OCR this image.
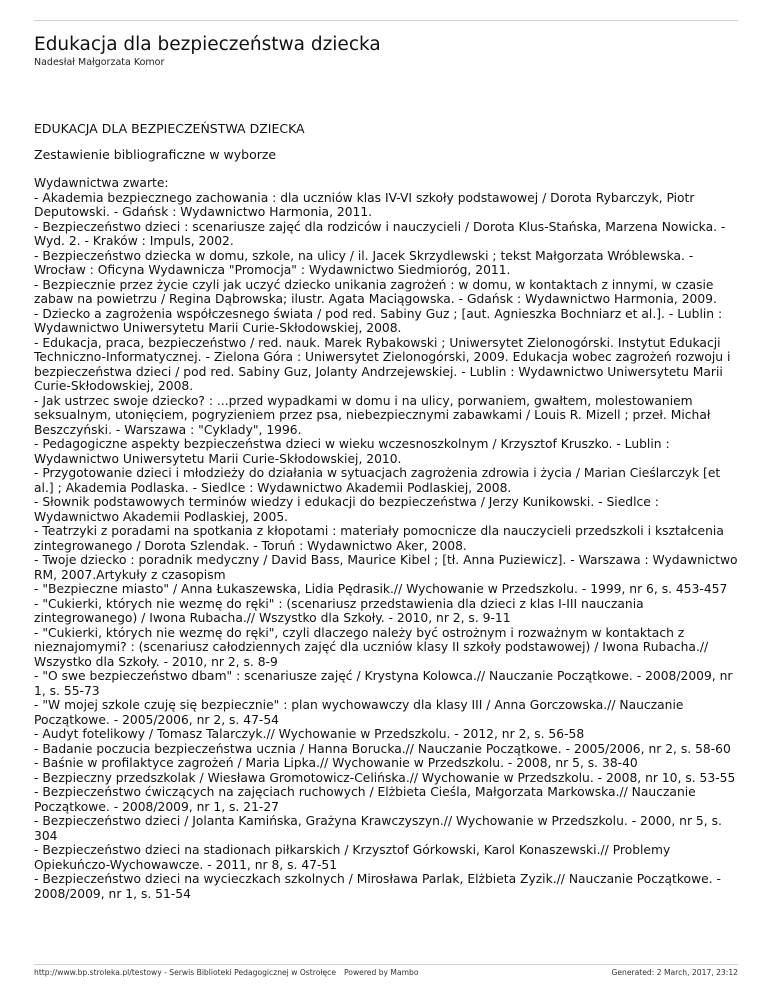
Edukacja dla bezpieczeństwa dziecka
Nadesłał Małgorzata Komor
EDUKACJA DLA BEZPIECZEŃSTWA DZIECKA
Zestawienie bibliograficzne w wyborze
Wydawnictwa zwarte:
- Akademia bezpiecznego zachowania : dla uczniów klas IV-VI szkoły podstawowej / Dorota Rybarczyk, Piotr Deputowski. - Gdańsk : Wydawnictwo Harmonia, 2011.
- Bezpieczeństwo dzieci : scenariusze zajęć dla rodziców i nauczycieli / Dorota Klus-Stańska, Marzena Nowicka. - Wyd. 2. - Kraków : Impuls, 2002.
- Bezpieczeństwo dziecka w domu, szkole, na ulicy / il. Jacek Skrzydlewski ; tekst Małgorzata Wróblewska. - Wrocław : Oficyna Wydawnicza "Promocja" : Wydawnictwo Siedmioróg, 2011.
- Bezpiecznie przez życie czyli jak uczyć dziecko unikania zagrożeń : w domu, w kontaktach z innymi, w czasie zabaw na powietrzu / Regina Dąbrowska; ilustr. Agata Maciągowska. - Gdańsk : Wydawnictwo Harmonia, 2009.
- Dziecko a zagrożenia współczesnego świata / pod red. Sabiny Guz ; [aut. Agnieszka Bochniarz et al.]. - Lublin : Wydawnictwo Uniwersytetu Marii Curie-Skłodowskiej, 2008.
- Edukacja, praca, bezpieczeństwo / red. nauk. Marek Rybakowski ; Uniwersytet Zielonogórski. Instytut Edukacji Techniczno-Informatycznej. - Zielona Góra : Uniwersytet Zielonogórski, 2009. Edukacja wobec zagrożeń rozwoju i bezpieczeństwa dzieci / pod red. Sabiny Guz, Jolanty Andrzejewskiej. - Lublin : Wydawnictwo Uniwersytetu Marii Curie-Skłodowskiej, 2008.
- Jak ustrzec swoje dziecko? : ...przed wypadkami w domu i na ulicy, porwaniem, gwałtem, molestowaniem seksualnym, utonięciem, pogryzieniem przez psa, niebezpiecznymi zabawkami / Louis R. Mizell ; przeł. Michał Beszczyński. - Warszawa : "Cyklady", 1996.
- Pedagogiczne aspekty bezpieczeństwa dzieci w wieku wczesnoszkolnym / Krzysztof Kruszko. - Lublin : Wydawnictwo Uniwersytetu Marii Curie-Skłodowskiej, 2010.
- Przygotowanie dzieci i młodzieży do działania w sytuacjach zagrożenia zdrowia i życia / Marian Cieślarczyk [et al.] ; Akademia Podlaska. - Siedlce : Wydawnictwo Akademii Podlaskiej, 2008.
- Słownik podstawowych terminów wiedzy i edukacji do bezpieczeństwa / Jerzy Kunikowski. - Siedlce : Wydawnictwo Akademii Podlaskiej, 2005.
- Teatrzyki z poradami na spotkania z kłopotami : materiały pomocnicze dla nauczycieli przedszkoli i kształcenia zintegrowanego / Dorota Szlendak. - Toruń : Wydawnictwo Aker, 2008.
- Twoje dziecko : poradnik medyczny / David Bass, Maurice Kibel ; [tł. Anna Puziewicz]. - Warszawa : Wydawnictwo RM, 2007.Artykuły z czasopism
- "Bezpieczne miasto" / Anna Łukaszewska, Lidia Pędrasik.// Wychowanie w Przedszkolu. - 1999, nr 6, s. 453-457
- "Cukierki, których nie wezmę do ręki" : (scenariusz przedstawienia dla dzieci z klas I-III nauczania zintegrowanego) / Iwona Rubacha.// Wszystko dla Szkoły. - 2010, nr 2, s. 9-11
- "Cukierki, których nie wezmę do ręki", czyli dlaczego należy być ostrożnym i rozważnym w kontaktach z nieznajomymi? : (scenariusz całodziennych zajęć dla uczniów klasy II szkoły podstawowej) / Iwona Rubacha.// Wszystko dla Szkoły. - 2010, nr 2, s. 8-9
- "O swe bezpieczeństwo dbam" : scenariusze zajęć / Krystyna Kolowca.// Nauczanie Początkowe. - 2008/2009, nr 1, s. 55-73
- "W mojej szkole czuję się bezpiecznie" : plan wychowawczy dla klasy III / Anna Gorczowska.// Nauczanie Początkowe. - 2005/2006, nr 2, s. 47-54
- Audyt fotelikowy / Tomasz Talarczyk.// Wychowanie w Przedszkolu. - 2012, nr 2, s. 56-58
- Badanie poczucia bezpieczeństwa ucznia / Hanna Borucka.// Nauczanie Początkowe. - 2005/2006, nr 2, s. 58-60
- Baśnie w profilaktyce zagrożeń / Maria Lipka.// Wychowanie w Przedszkolu. - 2008, nr 5, s. 38-40
- Bezpieczny przedszkolak / Wiesława Gromotowicz-Celińska.// Wychowanie w Przedszkolu. - 2008, nr 10, s. 53-55
- Bezpieczeństwo ćwiczących na zajęciach ruchowych / Elżbieta Cieśla, Małgorzata Markowska.// Nauczanie Początkowe. - 2008/2009, nr 1, s. 21-27
- Bezpieczeństwo dzieci / Jolanta Kamińska, Grażyna Krawczyszyn.// Wychowanie w Przedszkolu. - 2000, nr 5, s. 304
- Bezpieczeństwo dzieci na stadionach piłkarskich / Krzysztof Górkowski, Karol Konaszewski.// Problemy Opiekuńczo-Wychowawcze. - 2011, nr 8, s. 47-51
- Bezpieczeństwo dzieci na wycieczkach szkolnych / Mirosława Parlak, Elżbieta Zyzik.// Nauczanie Początkowe. - 2008/2009, nr 1, s. 51-54
http://www.bp.stroleka.pl/testowy - Serwis Biblioteki Pedagogicznej w Ostrołęce Powered by Mambo	Generated: 2 March, 2017, 23:12
